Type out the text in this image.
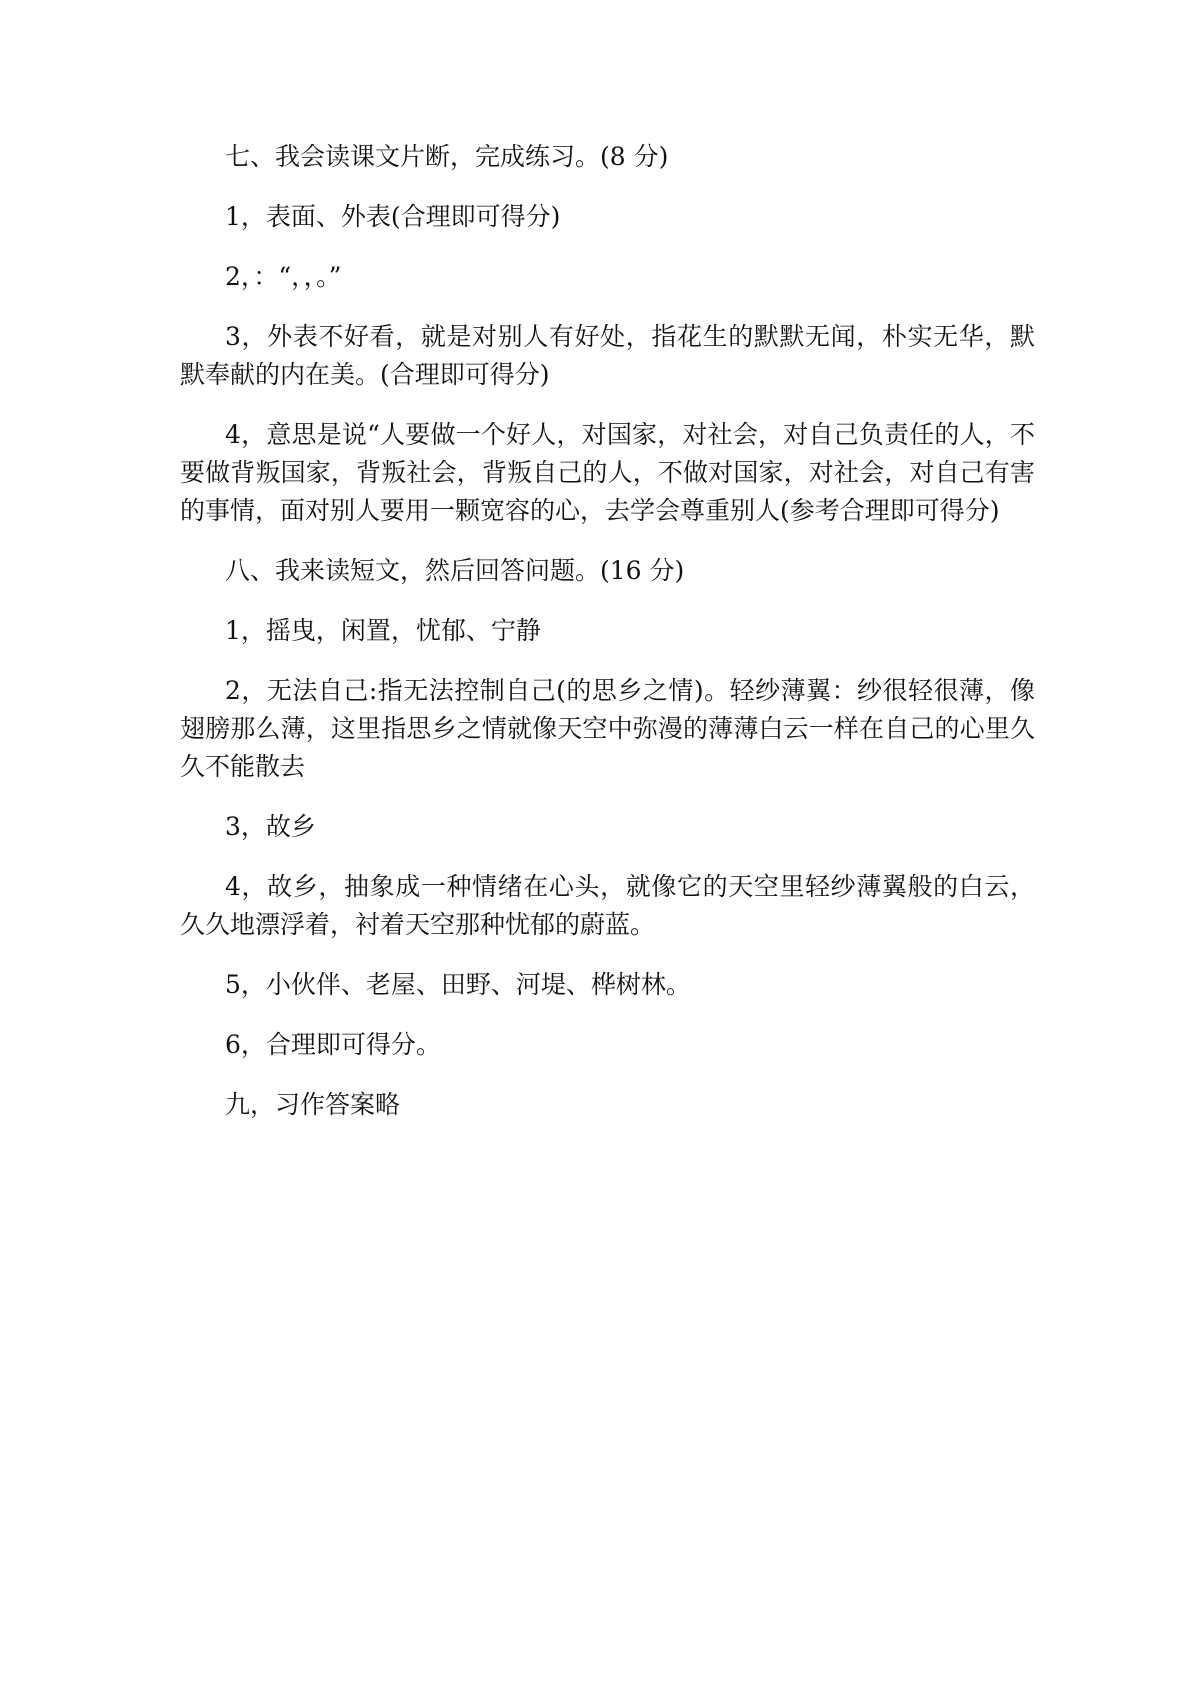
七、我会读课文片断，完成练习。(8 分)

1，表面、外表(合理即可得分)

2，：“，，。”

3，外表不好看，就是对别人有好处，指花生的默默无闻，朴实无华，默默奉献的内在美。(合理即可得分)

4，意思是说“人要做一个好人，对国家，对社会，对自己负责任的人，不要做背叛国家，背叛社会，背叛自己的人，不做对国家，对社会，对自己有害的事情，面对别人要用一颗宽容的心，去学会尊重别人(参考合理即可得分)

八、我来读短文，然后回答问题。(16 分)

1，摇曳，闲置，忧郁、宁静

2，无法自己:指无法控制自己(的思乡之情)。轻纱薄翼：纱很轻很薄，像翅膀那么薄，这里指思乡之情就像天空中弥漫的薄薄白云一样在自己的心里久久不能散去

3，故乡

4，故乡，抽象成一种情绪在心头，就像它的天空里轻纱薄翼般的白云，久久地漂浮着，衬着天空那种忧郁的蔚蓝。

5，小伙伴、老屋、田野、河堤、桦树林。

6，合理即可得分。

九，习作答案略
